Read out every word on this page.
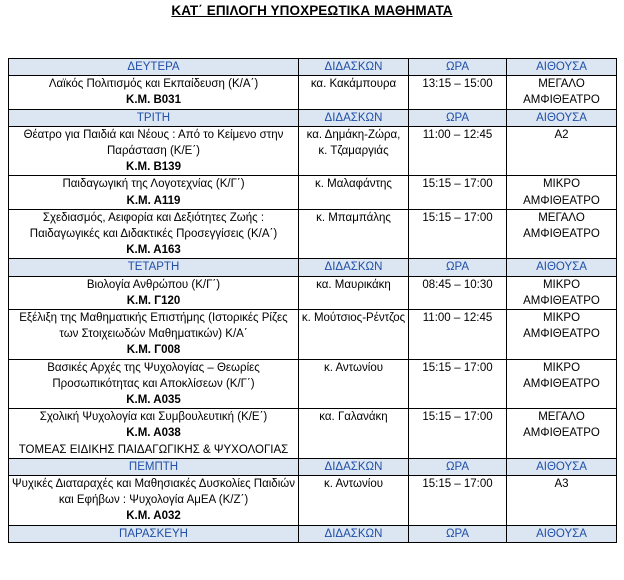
ΚΑΤ΄ ΕΠΙΛΟΓΗ ΥΠΟΧΡΕΩΤΙΚΑ ΜΑΘΗΜΑΤΑ
ΔΕΥΤΕΡΑ	ΔΙΔΑΣΚΩΝ	ΩΡΑ	ΑΙΘΟΥΣΑ

Λαϊκός Πολιτισμός και Εκπαίδευση (Κ/Α΄)
Κ.Μ. Β031	κα. Κακάμπουρα	13:15 – 15:00	ΜΕΓΑΛΟ ΑΜΦΙΘΕΑΤΡΟ
ΤΡΙΤΗ	ΔΙΔΑΣΚΩΝ	ΩΡΑ	ΑΙΘΟΥΣΑ

Θέατρο για Παιδιά και Νέους : Από το Κείμενο στην Παράσταση (Κ/Ε΄)
Κ.Μ. Β139	κα. Δημάκη-Ζώρα, κ. Τζαμαργιάς	11:00 – 12:45	Α2

Παιδαγωγική της Λογοτεχνίας (Κ/Γ΄)
Κ.Μ. Α119	κ. Μαλαφάντης	15:15 – 17:00	ΜΙΚΡΟ ΑΜΦΙΘΕΑΤΡΟ

Σχεδιασμός, Αειφορία και Δεξιότητες Ζωής : Παιδαγωγικές και Διδακτικές Προσεγγίσεις (Κ/Α΄)
Κ.Μ. Α163	κ. Μπαμπάλης	15:15 – 17:00	ΜΕΓΑΛΟ ΑΜΦΙΘΕΑΤΡΟ
ΤΕΤΑΡΤΗ	ΔΙΔΑΣΚΩΝ	ΩΡΑ	ΑΙΘΟΥΣΑ

Βιολογία Ανθρώπου (Κ/Γ΄)
Κ.Μ. Γ120	κα. Μαυρικάκη	08:45 – 10:30	ΜΙΚΡΟ ΑΜΦΙΘΕΑΤΡΟ

Εξέλιξη της Μαθηματικής Επιστήμης (Ιστορικές Ρίζες των Στοιχειωδών Μαθηματικών) Κ/Α΄
Κ.Μ. Γ008	κ. Μούτσιος-Ρέντζος	11:00 – 12:45	ΜΙΚΡΟ ΑΜΦΙΘΕΑΤΡΟ

Βασικές Αρχές της Ψυχολογίας – Θεωρίες Προσωπικότητας και Αποκλίσεων (Κ/Γ΄)
Κ.Μ. Α035	κ. Αντωνίου	15:15 – 17:00	ΜΙΚΡΟ ΑΜΦΙΘΕΑΤΡΟ

Σχολική Ψυχολογία και Συμβουλευτική (Κ/Ε΄)
Κ.Μ. Α038
ΤΟΜΕΑΣ ΕΙΔΙΚΗΣ ΠΑΙΔΑΓΩΓΙΚΗΣ & ΨΥΧΟΛΟΓΙΑΣ	κα. Γαλανάκη	15:15 – 17:00	ΜΕΓΑΛΟ ΑΜΦΙΘΕΑΤΡΟ
ΠΕΜΠΤΗ	ΔΙΔΑΣΚΩΝ	ΩΡΑ	ΑΙΘΟΥΣΑ

Ψυχικές Διαταραχές και Μαθησιακές Δυσκολίες Παιδιών και Εφήβων : Ψυχολογία ΑμΕΑ (Κ/Ζ΄)
Κ.Μ. Α032	κ. Αντωνίου	15:15 – 17:00	Α3
ΠΑΡΑΣΚΕΥΗ	ΔΙΔΑΣΚΩΝ	ΩΡΑ	ΑΙΘΟΥΣΑ
